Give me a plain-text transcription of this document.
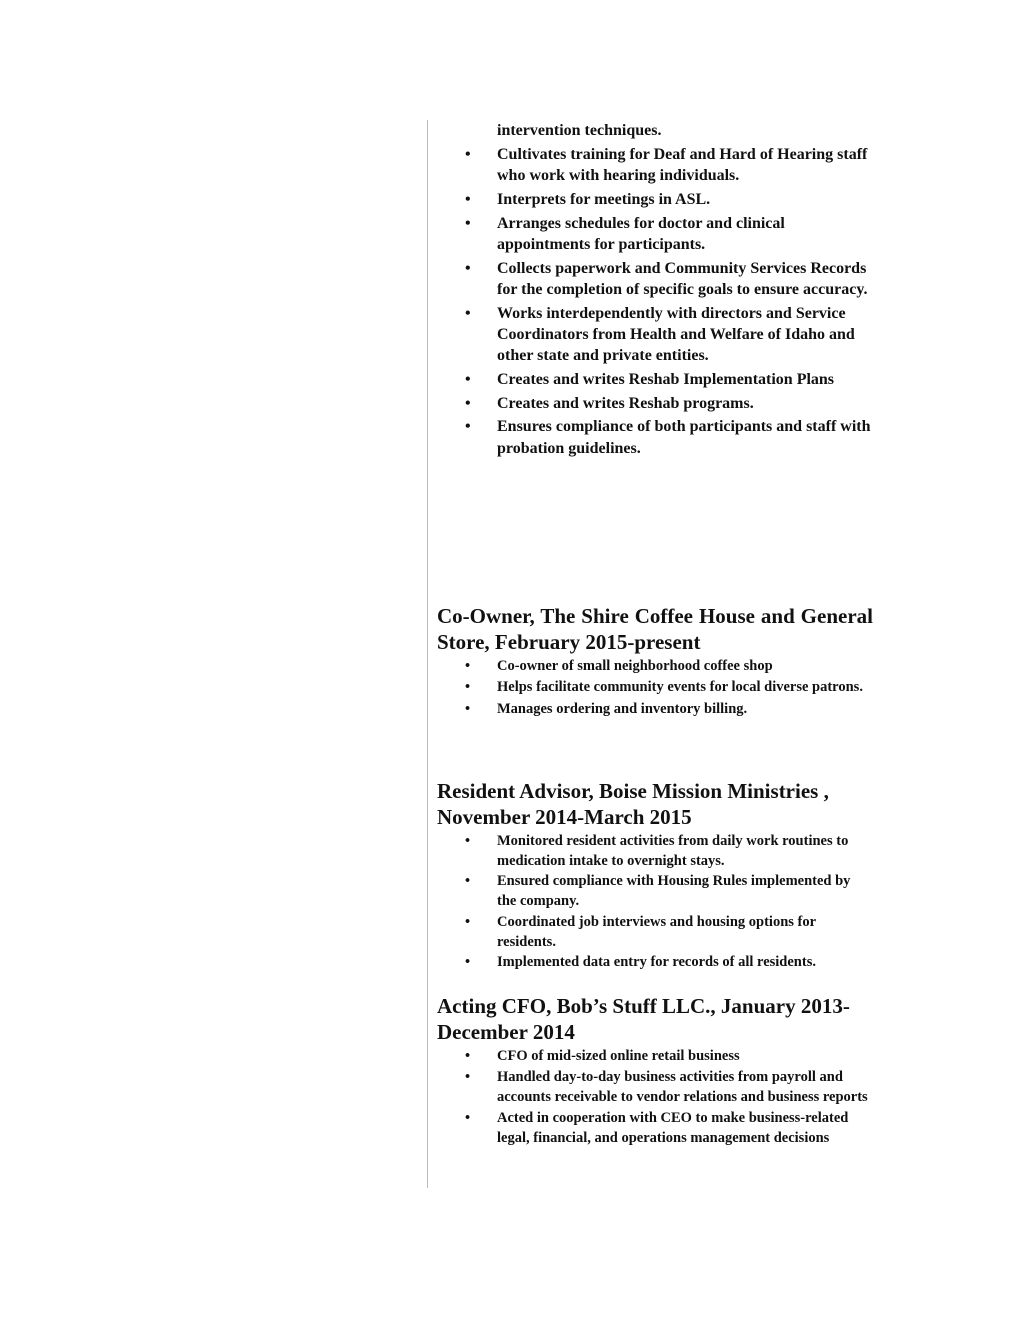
intervention techniques.
• Cultivates training for Deaf and Hard of Hearing staff who work with hearing individuals.
• Interprets for meetings in ASL.
• Arranges schedules for doctor and clinical appointments for participants.
• Collects paperwork and Community Services Records for the completion of specific goals to ensure accuracy.
• Works interdependently with directors and Service Coordinators from Health and Welfare of Idaho and other state and private entities.
• Creates and writes Reshab Implementation Plans
• Creates and writes Reshab programs.
• Ensures compliance of both participants and staff with probation guidelines.
Co-Owner, The Shire Coffee House and General Store, February 2015-present
• Co-owner of small neighborhood coffee shop
• Helps facilitate community events for local diverse patrons.
• Manages ordering and inventory billing.
Resident Advisor, Boise Mission Ministries , November 2014-March 2015
• Monitored resident activities from daily work routines to medication intake to overnight stays.
• Ensured compliance with Housing Rules implemented by the company.
• Coordinated job interviews and housing options for residents.
• Implemented data entry for records of all residents.
Acting CFO, Bob’s Stuff LLC., January 2013- December 2014
• CFO of mid-sized online retail business
• Handled day-to-day business activities from payroll and accounts receivable to vendor relations and business reports
• Acted in cooperation with CEO to make business-related legal, financial, and operations management decisions
